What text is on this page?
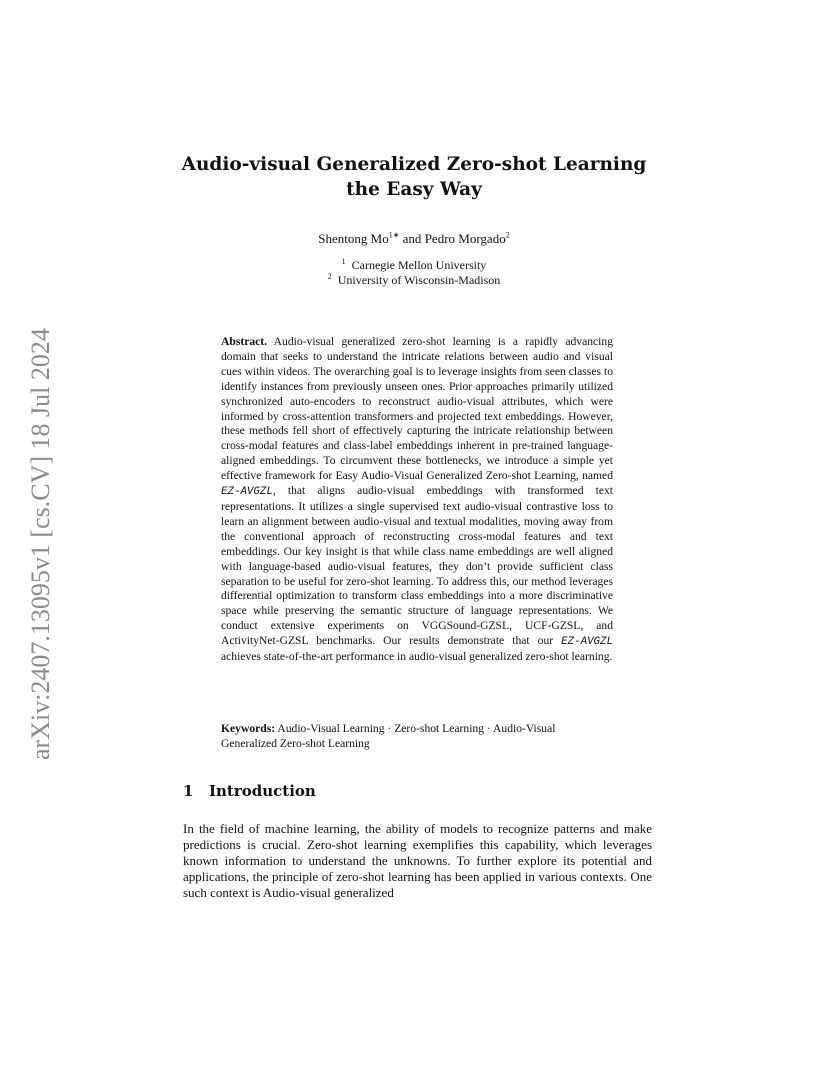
arXiv:2407.13095v1 [cs.CV] 18 Jul 2024
Audio-visual Generalized Zero-shot Learning
the Easy Way
Shentong $Mo^{1∗}$ and Pedro Morgado$^2$
$^1$ Carnegie Mellon University
$^2$ University of Wisconsin-Madison
Abstract. Audio-visual generalized zero-shot learning is a rapidly advancing domain that seeks to understand the intricate relations between audio and visual cues within videos. The overarching goal is to leverage insights from seen classes to identify instances from previously unseen ones. Prior approaches primarily utilized synchronized auto-encoders to reconstruct audio-visual attributes, which were informed by cross-attention transformers and projected text embeddings. However, these methods fell short of effectively capturing the intricate relationship between cross-modal features and class-label embeddings inherent in pre-trained language-aligned embeddings. To circumvent these bottlenecks, we introduce a simple yet effective framework for Easy Audio-Visual Generalized Zero-shot Learning, named EZ-AVGZL, that aligns audio-visual embeddings with transformed text representations. It utilizes a single supervised text audio-visual contrastive loss to learn an alignment between audio-visual and textual modalities, moving away from the conventional approach of reconstructing cross-modal features and text embeddings. Our key insight is that while class name embeddings are well aligned with language-based audio-visual features, they don’t provide sufficient class separation to be useful for zero-shot learning. To address this, our method leverages differential optimization to transform class embeddings into a more discriminative space while preserving the semantic structure of language representations. We conduct extensive experiments on VGGSound-GZSL, UCF-GZSL, and ActivityNet-GZSL benchmarks. Our results demonstrate that our EZ-AVGZL achieves state-of-the-art performance in audio-visual generalized zero-shot learning.
Keywords: Audio-Visual Learning · Zero-shot Learning · Audio-Visual Generalized Zero-shot Learning
1 Introduction
In the field of machine learning, the ability of models to recognize patterns and make predictions is crucial. Zero-shot learning exemplifies this capability, which leverages known information to understand the unknowns. To further explore its potential and applications, the principle of zero-shot learning has been applied in various contexts. One such context is Audio-visual generalized
